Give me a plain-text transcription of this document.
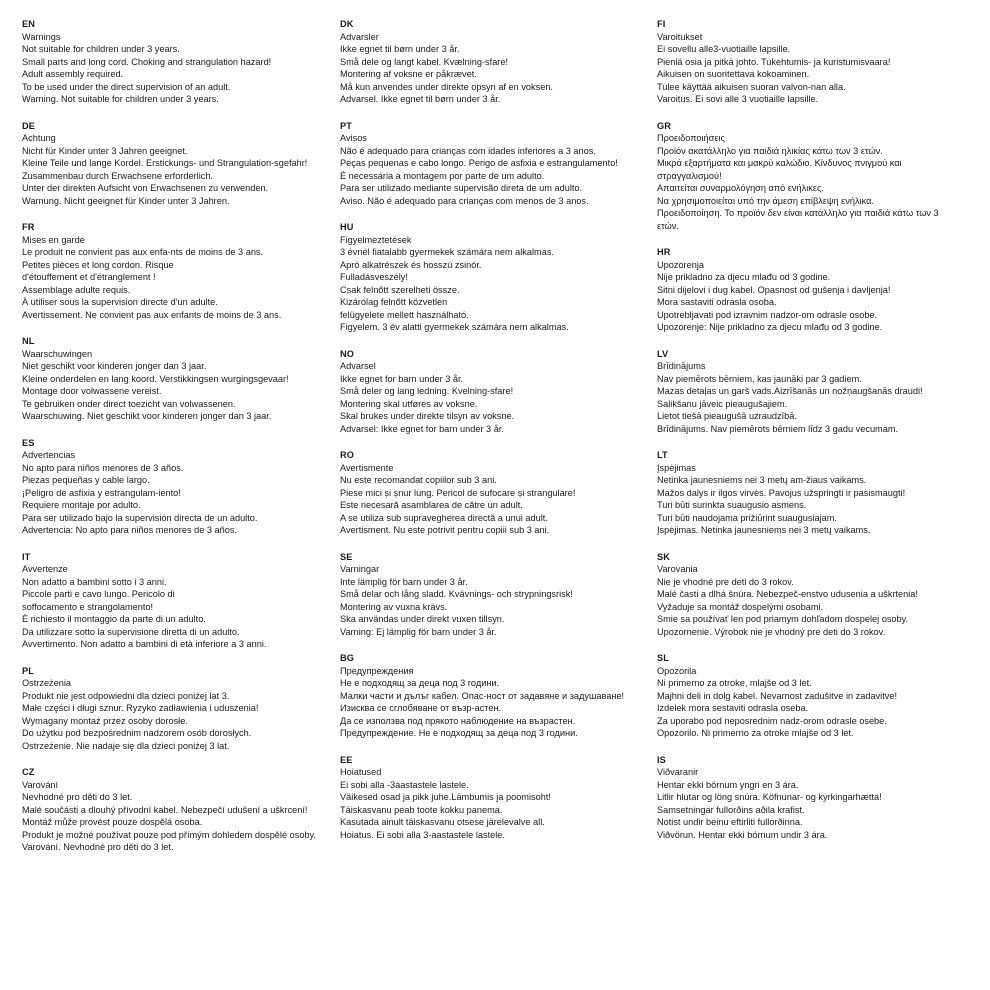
EN
Warnings
Not suitable for children under 3 years.
Small parts and long cord. Choking and strangulation hazard!
Adult assembly required.
To be used under the direct supervision of an adult.
Warning. Not suitable for children under 3 years.
DE
Achtung
Nicht für Kinder unter 3 Jahren geeignet.
Kleine Teile und lange Kordel. Erstickungs- und Strangulation-sgefahr!
Zusammenbau durch Erwachsene erforderlich.
Unter der direkten Aufsicht von Erwachsenen zu verwenden.
Warnung. Nicht geeignet für Kinder unter 3 Jahren.
FR
Mises en garde
Le produit ne convient pas aux enfa-nts de moins de 3 ans.
Petites pièces et long cordon. Risque
d'étouffement et d'étranglement !
Assemblage adulte requis.
À utiliser sous la supervision directe d'un adulte.
Avertissement. Ne convient pas aux enfants de moins de 3 ans.
NL
Waarschuwingen
Niet geschikt voor kinderen jonger dan 3 jaar.
Kleine onderdelen en lang koord. Verstikkingsen wurgingsgevaar!
Montage door volwassene vereist.
Te gebruiken onder direct toezicht van volwassenen.
Waarschuwing. Niet geschikt voor kinderen jonger dan 3 jaar.
ES
Advertencias
No apto para niños menores de 3 años.
Piezas pequeñas y cable largo.
¡Peligro de asfixia y estrangulam-iento!
Requiere montaje por adulto.
Para ser utilizado bajo la supervisión directa de un adulto.
Advertencia: No apto para niños menores de 3 años.
IT
Avvertenze
Non adatto a bambini sotto i 3 anni.
Piccole parti e cavo lungo. Pericolo di
soffocamento e strangolamento!
È richiesto il montaggio da parte di un adulto.
Da utilizzare sotto la supervisione diretta di un adulto.
Avvertimento. Non adatto a bambini di età inferiore a 3 anni.
PL
Ostrzeżenia
Produkt nie jest odpowiedni dla dzieci poniżej lat 3.
Małe części i długi sznur. Ryzyko zadławienia i uduszenia!
Wymagany montaż przez osoby dorosłe.
Do użytku pod bezpośrednim nadzorem osób dorosłych.
Ostrzeżenie. Nie nadaje się dla dzieci poniżej 3 lat.
CZ
Varování
Nevhodné pro děti do 3 let.
Malé součásti a dlouhý přívodní kabel. Nebezpečí udušení a uškrcení!
Montáž může provést pouze dospělá osoba.
Produkt je možné používat pouze pod přímým dohledem dospělé osoby.
Varování. Nevhodné pro děti do 3 let.
DK
Advarsler
Ikke egnet til børn under 3 år.
Små dele og langt kabel. Kvælning-sfare!
Montering af voksne er påkrævet.
Må kun anvendes under direkte opsyn af en voksen.
Advarsel. Ikke egnet til børn under 3 år.
PT
Avisos
Não é adequado para crianças com idades inferiores a 3 anos.
Peças pequenas e cabo longo. Perigo de asfixia e estrangulamento!
É necessária a montagem por parte de um adulto.
Para ser utilizado mediante supervisão direta de um adulto.
Aviso. Não é adequado para crianças com menos de 3 anos.
HU
Figyelmeztetések
3 évnél fiatalabb gyermekek számára nem alkalmas.
Apró alkatrészek és hosszú zsinór.
Fulladásveszély!
Csak felnőtt szerelheti össze.
Kizárólag felnőtt közvetlen
felügyelete mellett használható.
Figyelem. 3 év alatti gyermekek számára nem alkalmas.
NO
Advarsel
Ikke egnet for barn under 3 år.
Små deler og lang ledning. Kvelning-sfare!
Montering skal utføres av voksne.
Skal brukes under direkte tilsyn av voksne.
Advarsel: Ikke egnet for barn under 3 år.
RO
Avertismente
Nu este recomandat copiilor sub 3 ani.
Piese mici și șnur lung. Pericol de sufocare și strangulare!
Este necesară asamblarea de către un adult.
A se utiliza sub supravegherea directă a unui adult.
Avertisment. Nu este potrivit pentru copiii sub 3 ani.
SE
Varningar
Inte lämplig för barn under 3 år.
Små delar och lång sladd. Kvävnings- och strypningsrisk!
Montering av vuxna krävs.
Ska användas under direkt vuxen tillsyn.
Varning: Ej lämplig för barn under 3 år.
BG
Предупреждения
Не е подходящ за деца под 3 години.
Малки части и дълъг кабел. Опас-ност от задавяне и задушаване!
Изисква се сглобяване от възр-астен.
Да се използва под прякото наблюдение на възрастен.
Предупреждение. Не е подходящ за деца под 3 години.
EE
Hoiatused
Ei sobi alla -3aastastele lastele.
Väikesed osad ja pikk juhe.Lämbumis ja poomisoht!
Täiskasvanu peab toote kokku panema.
Kasutada ainult täiskasvanu otsese järelevalve all.
Hoiatus. Ei sobi alla 3-aastastele lastele.
FI
Varoitukset
Ei sovellu alle3-vuotiaille lapsille.
Pieniä osia ja pitkä johto. Tukehtumis- ja kuristumisvaara!
Aikuisen on suoritettava kokoaminen.
Tulee käyttää aikuisen suoran valvon-nan alla.
Varoitus. Ei sovi alle 3 vuotiaille lapsille.
GR
Προειδοποιήσεις
Προϊόν ακατάλληλο για παιδιά ηλικίας κάτω των 3 ετών.
Μικρά εξαρτήματα και μακρύ καλώδιο. Κίνδυνος πνιγμού και
στραγγαλισμού!
Απαιτείται συναρμολόγηση από ενήλικες.
Να χρησιμοποιείται υπό την άμεση επίβλεψη ενήλικα.
Προειδοποίηση. Το προϊόν δεν είναι κατάλληλο για παιδιά κάτω των 3
ετών.
HR
Upozorenja
Nije prikladno za djecu mlađu od 3 godine.
Sitni dijelovi i dug kabel. Opasnost od gušenja i davljenja!
Mora sastaviti odrasla osoba.
Upotrebljavati pod izravnim nadzor-om odrasle osobe.
Upozorenje: Nije prikladno za djecu mlađu od 3 godine.
LV
Brīdinājums
Nav piemērots bērniem, kas jaunāki par 3 gadiem.
Mazas detaļas un garš vads.Aizrīšanās un nožņaugšanās draudi!
Salikšanu jāveic pieaugušajiem.
Lietot tiešā pieaugušā uzraudzībā.
Brīdinājums. Nav piemērots bērniem līdz 3 gadu vecumam.
LT
Įspėjimas
Netinka jaunesniems nei 3 metų am-žiaus vaikams.
Mažos dalys ir ilgos virvės. Pavojus užspringti ir pasismaugti!
Turi būti surinkta suaugusio asmens.
Turi būti naudojama prižiūrint suaugusiajam.
Įspėjimas. Netinka jaunesniems nei 3 metų vaikams.
SK
Varovania
Nie je vhodné pre deti do 3 rokov.
Malé časti a dlhá šnúra. Nebezpeč-enstvo udusenia a uškrtenia!
Vyžaduje sa montáž dospelými osobami.
Smie sa používať len pod priamym dohľadom dospelej osoby.
Upozornenie. Výrobok nie je vhodný pre deti do 3 rokov.
SL
Opozorila
Ni primerno za otroke, mlajše od 3 let.
Majhni deli in dolg kabel. Nevarnost zadušitve in zadavitve!
Izdelek mora sestaviti odrasla oseba.
Za uporabo pod neposrednim nadz-orom odrasle osebe.
Opozorilo. Ni primerno za otroke mlajše od 3 let.
IS
Viðvaranir
Hentar ekki börnum yngri en 3 ára.
Litlir hlutar og löng snúra. Köfnunar- og kyrkingarhætta!
Samsetningar fullorðins aðila krafist.
Notist undir beinu eftirliti fullorðinna.
Viðvörun. Hentar ekki börnum undir 3 ára.
